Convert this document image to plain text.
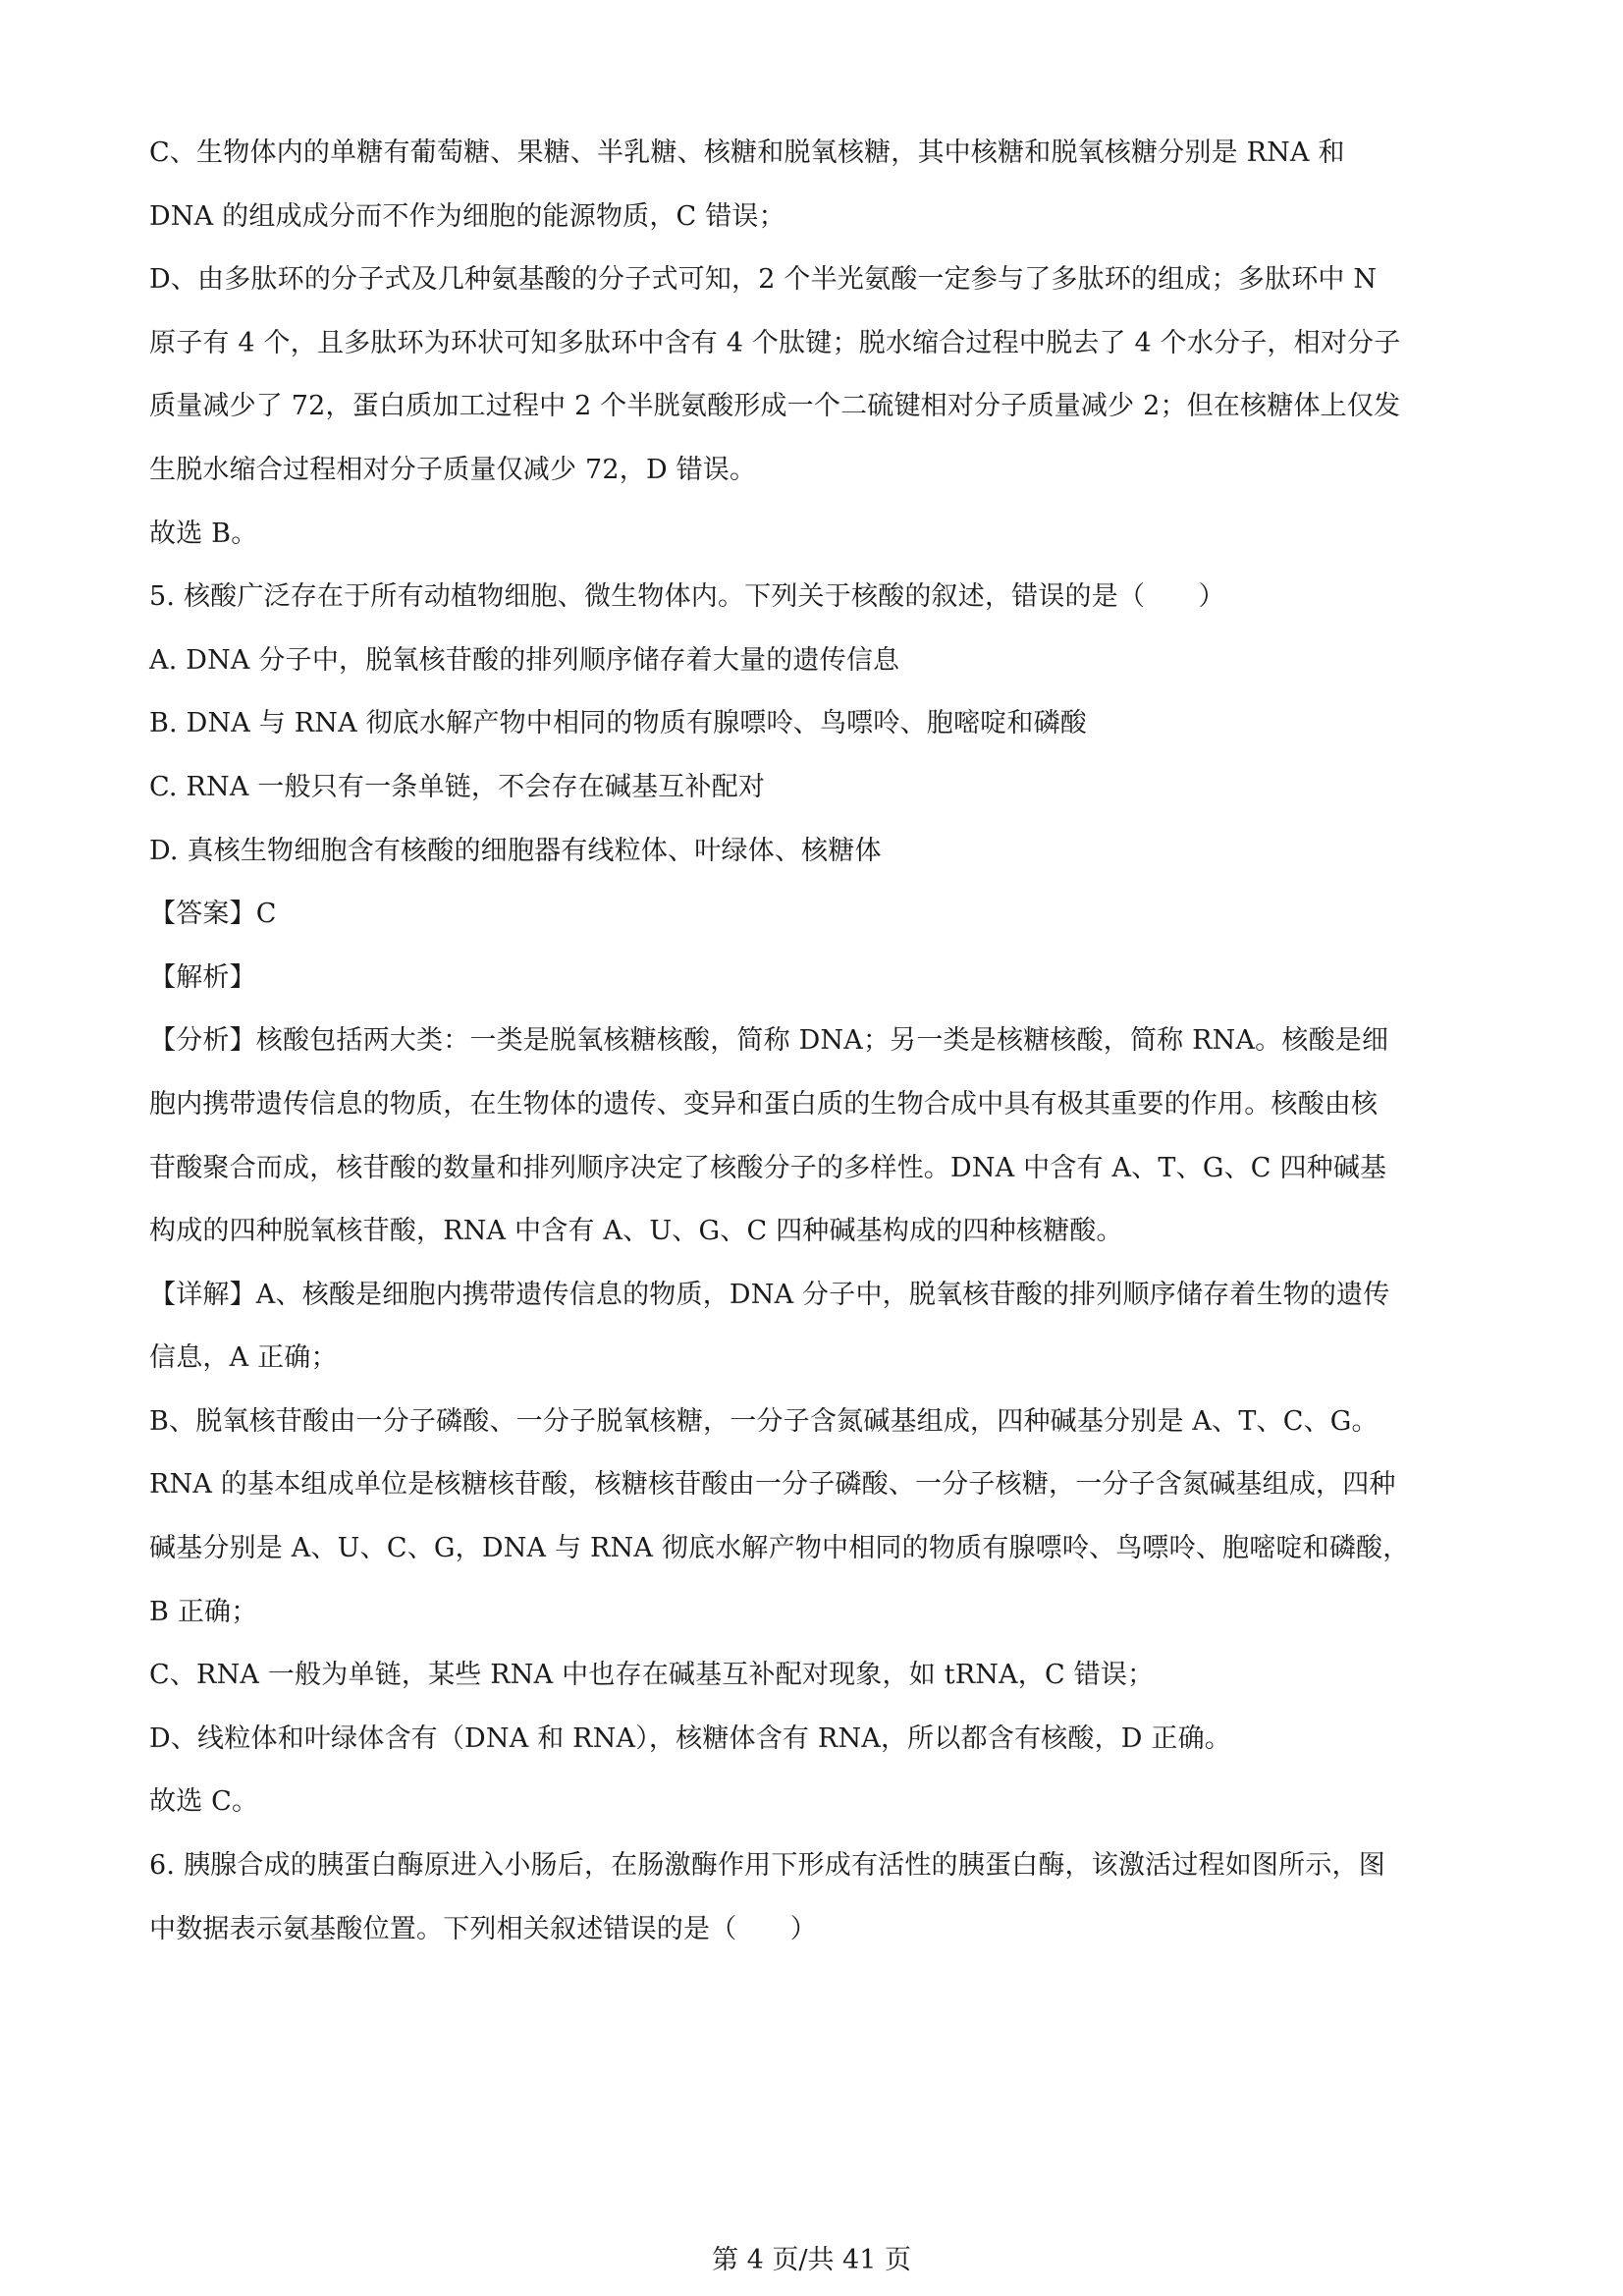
C、生物体内的单糖有葡萄糖、果糖、半乳糖、核糖和脱氧核糖，其中核糖和脱氧核糖分别是 RNA 和
DNA 的组成成分而不作为细胞的能源物质，C 错误；
D、由多肽环的分子式及几种氨基酸的分子式可知，2 个半光氨酸一定参与了多肽环的组成；多肽环中 N
原子有 4 个，且多肽环为环状可知多肽环中含有 4 个肽键；脱水缩合过程中脱去了 4 个水分子，相对分子
质量减少了 72，蛋白质加工过程中 2 个半胱氨酸形成一个二硫键相对分子质量减少 2；但在核糖体上仅发
生脱水缩合过程相对分子质量仅减少 72，D 错误。
故选 B。
5. 核酸广泛存在于所有动植物细胞、微生物体内。下列关于核酸的叙述，错误的是（　　）
A. DNA 分子中，脱氧核苷酸的排列顺序储存着大量的遗传信息
B. DNA 与 RNA 彻底水解产物中相同的物质有腺嘌呤、鸟嘌呤、胞嘧啶和磷酸
C. RNA 一般只有一条单链，不会存在碱基互补配对
D. 真核生物细胞含有核酸的细胞器有线粒体、叶绿体、核糖体
【答案】C
【解析】
【分析】核酸包括两大类：一类是脱氧核糖核酸，简称 DNA；另一类是核糖核酸，简称 RNA。核酸是细
胞内携带遗传信息的物质，在生物体的遗传、变异和蛋白质的生物合成中具有极其重要的作用。核酸由核
苷酸聚合而成，核苷酸的数量和排列顺序决定了核酸分子的多样性。DNA 中含有 A、T、G、C 四种碱基
构成的四种脱氧核苷酸，RNA 中含有 A、U、G、C 四种碱基构成的四种核糖酸。
【详解】A、核酸是细胞内携带遗传信息的物质，DNA 分子中，脱氧核苷酸的排列顺序储存着生物的遗传
信息，A 正确；
B、脱氧核苷酸由一分子磷酸、一分子脱氧核糖，一分子含氮碱基组成，四种碱基分别是 A、T、C、G。
RNA 的基本组成单位是核糖核苷酸，核糖核苷酸由一分子磷酸、一分子核糖，一分子含氮碱基组成，四种
碱基分别是 A、U、C、G，DNA 与 RNA 彻底水解产物中相同的物质有腺嘌呤、鸟嘌呤、胞嘧啶和磷酸，
B 正确；
C、RNA 一般为单链，某些 RNA 中也存在碱基互补配对现象，如 tRNA，C 错误；
D、线粒体和叶绿体含有（DNA 和 RNA），核糖体含有 RNA，所以都含有核酸，D 正确。
故选 C。
6. 胰腺合成的胰蛋白酶原进入小肠后，在肠激酶作用下形成有活性的胰蛋白酶，该激活过程如图所示，图
中数据表示氨基酸位置。下列相关叙述错误的是（　　）
第 4 页/共 41 页
